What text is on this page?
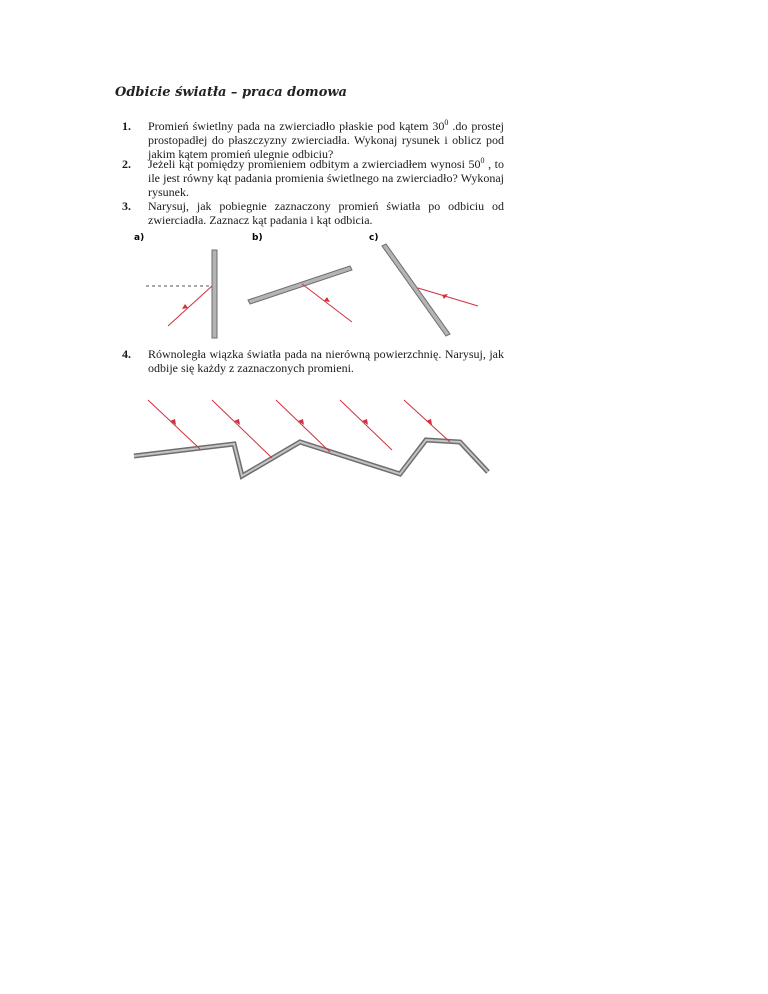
Odbicie światła – praca domowa
1. Promień świetlny pada na zwierciadło płaskie pod kątem $30^0$ .do prostej prostopadłej do płaszczyzny zwierciadła. Wykonaj rysunek i oblicz pod jakim kątem promień ulegnie odbiciu?
2. Jeżeli kąt pomiędzy promieniem odbitym a zwierciadłem wynosi $50^0$ , to ile jest równy kąt padania promienia świetlnego na zwierciadło? Wykonaj rysunek.
3. Narysuj, jak pobiegnie zaznaczony promień światła po odbiciu od zwierciadła. Zaznacz kąt padania i kąt odbicia.
a)	b)	c)
4. Równoległa wiązka światła pada na nierówną powierzchnię. Narysuj, jak odbije się każdy z zaznaczonych promieni.
